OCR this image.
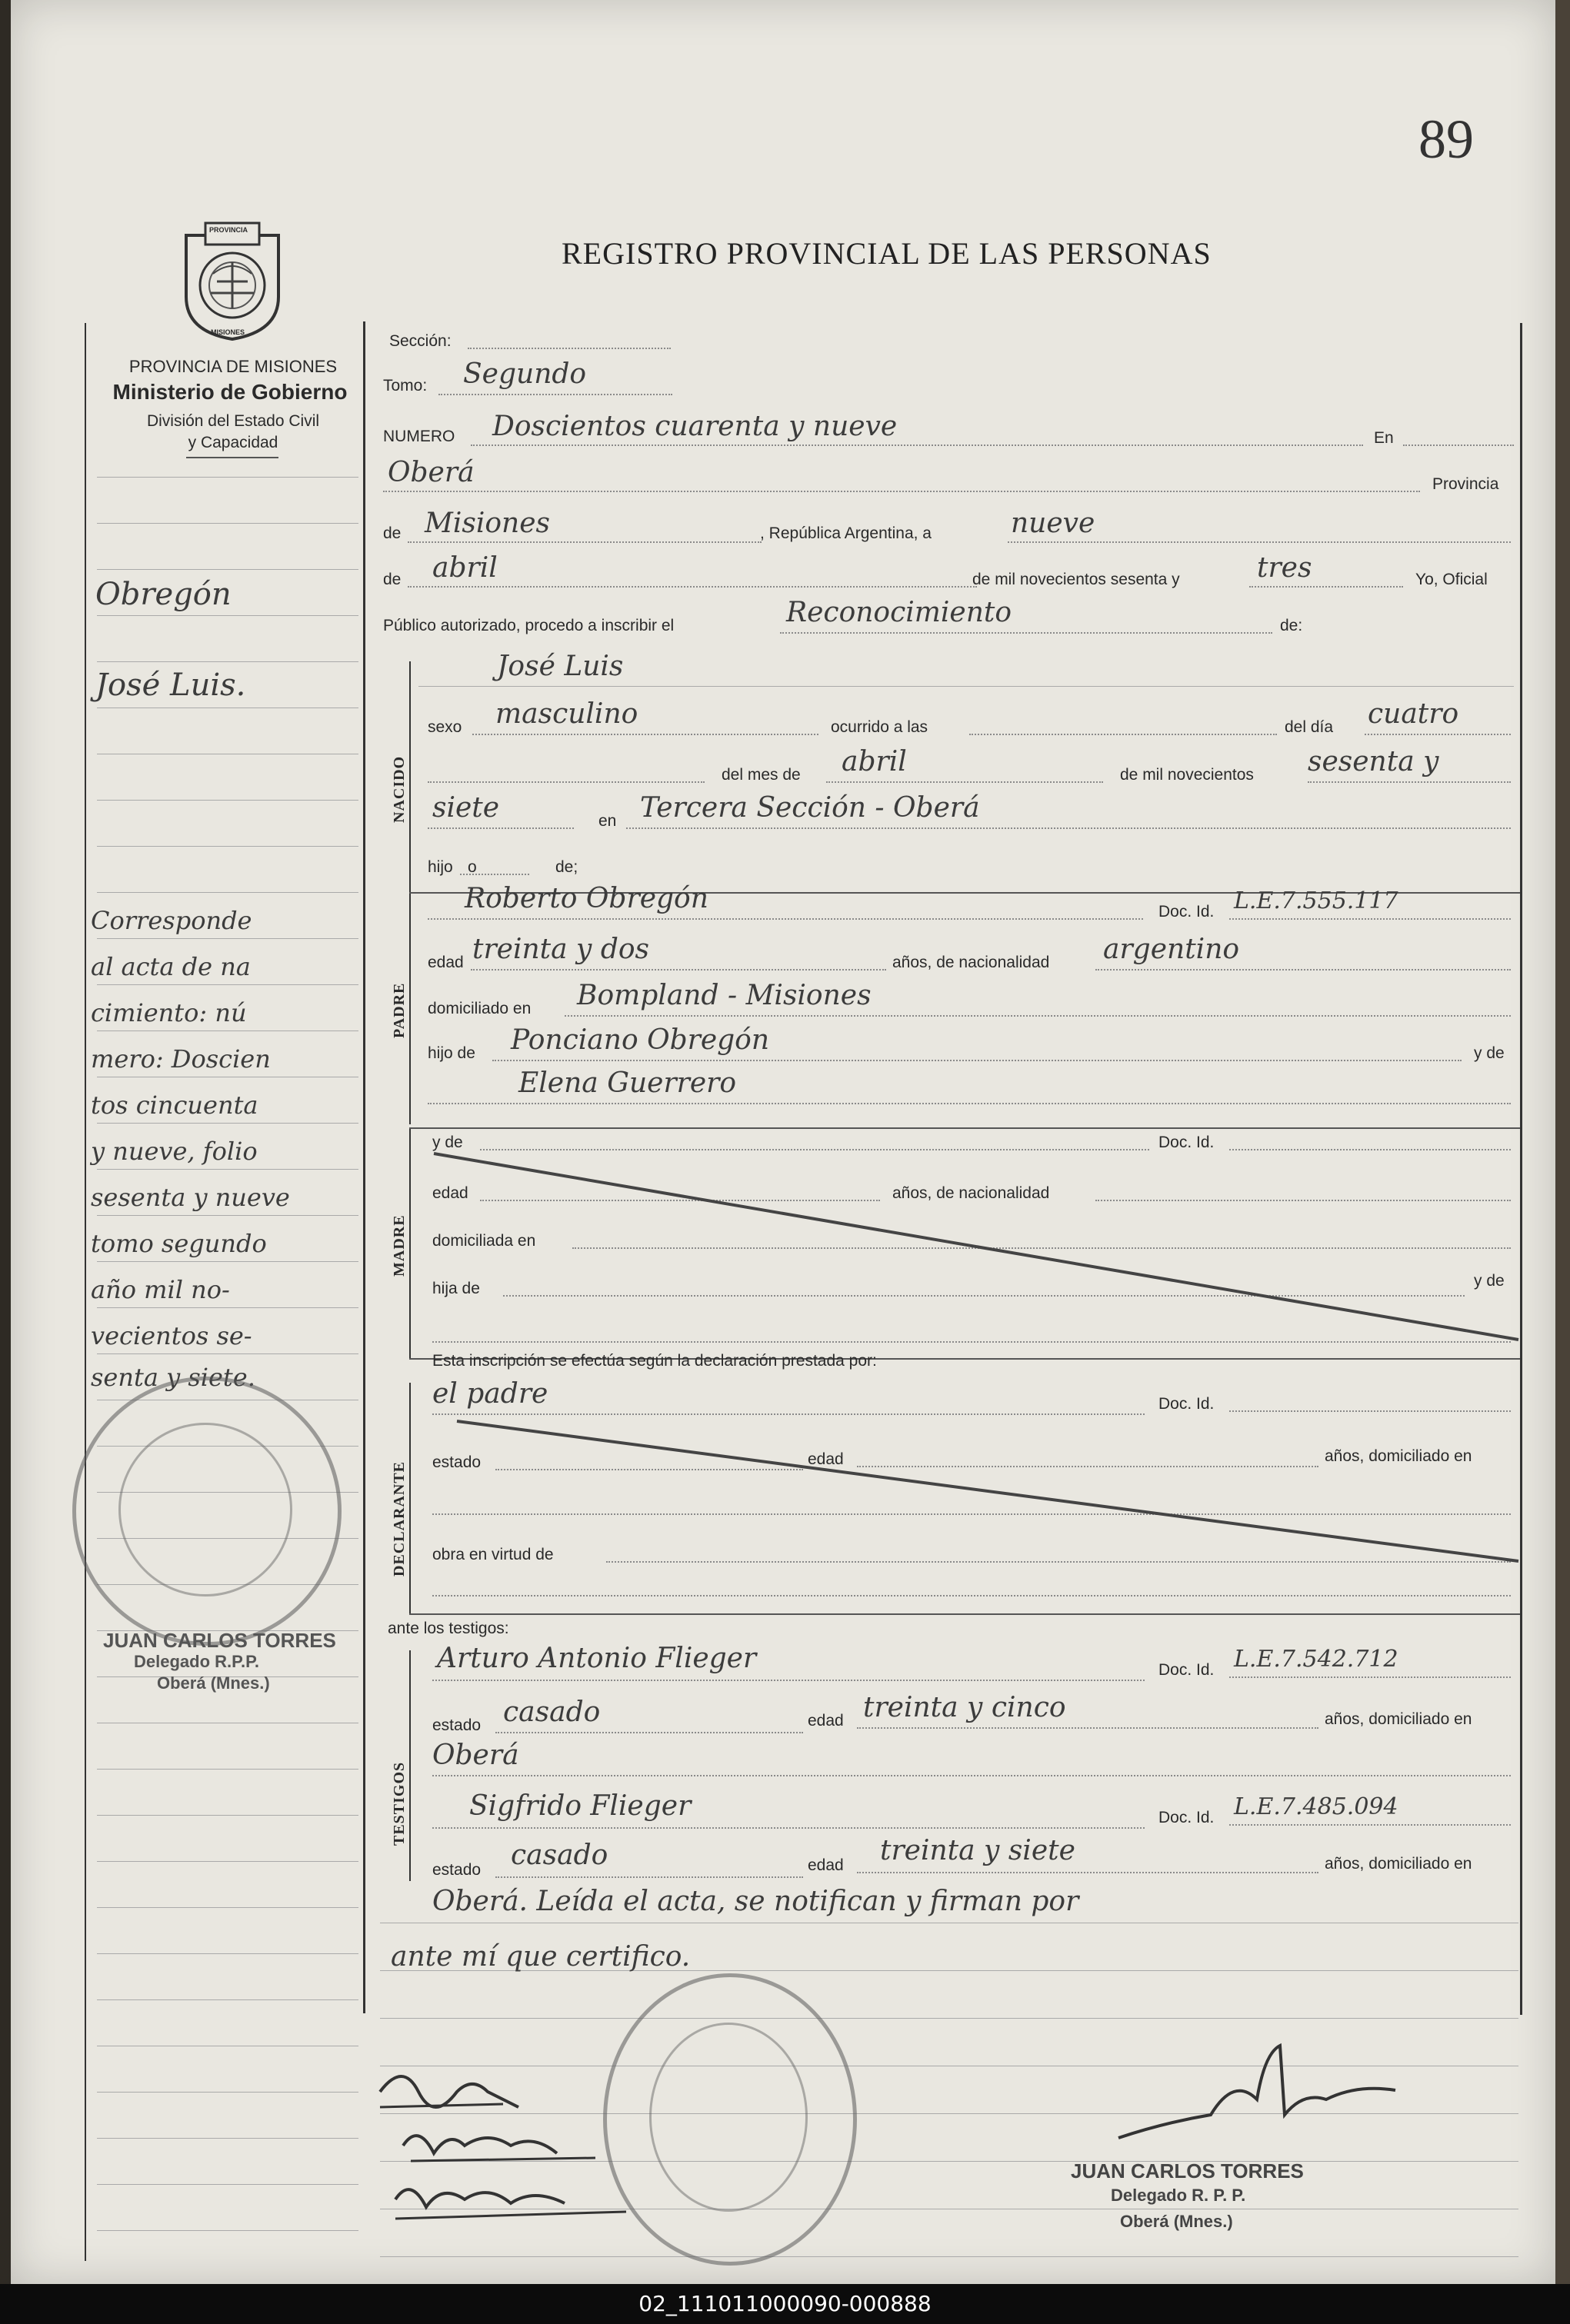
89
REGISTRO PROVINCIAL DE LAS PERSONAS
PROVINCIA
MISIONES
PROVINCIA DE MISIONES
Ministerio de Gobierno
División del Estado Civil
y Capacidad
Obregón
José Luis.
Corresponde
al acta de na
cimiento: nú
mero: Doscien
tos cincuenta
y nueve, folio
sesenta y nueve
tomo segundo
año mil no-
vecientos se-
senta y siete.
JUAN CARLOS TORRES
Delegado R.P.P.
Oberá (Mnes.)
Sección:
Tomo: Segundo
NUMERO Doscientos cuarenta y nueve	En
Oberá	Provincia
de Misiones	, República Argentina, a	nueve
de abril	de mil novecientos sesenta y	tres	Yo, Oficial
Público autorizado, procedo a inscribir el	Reconocimiento	de:
NACIDO
José Luis
sexo masculino	ocurrido a las	del día cuatro
del mes de abril	de mil novecientos sesenta y
siete	en Tercera Sección - Oberá
hijo o	de;
PADRE
Roberto Obregón	Doc. Id. L.E.7.555.117
edad treinta y dos	años, de nacionalidad argentino
domiciliado en Bompland - Misiones
hijo de Ponciano Obregón	y de
Elena Guerrero
MADRE
y de	Doc. Id.
edad	años, de nacionalidad
domiciliada en
hija de	y de
Esta inscripción se efectúa según la declaración prestada por:
DECLARANTE
el padre	Doc. Id.
estado	edad	años, domiciliado en
obra en virtud de
ante los testigos:
TESTIGOS
Arturo Antonio Flieger	Doc. Id. L.E.7.542.712
estado casado	edad treinta y cinco	años, domiciliado en
Oberá
Sigfrido Flieger	Doc. Id. L.E.7.485.094
estado casado	edad treinta y siete	años, domiciliado en
Oberá. Leída el acta, se notifican y firman por
ante mí que certifico.
JUAN CARLOS TORRES
Delegado R. P. P.
Oberá (Mnes.)
02_111011000090-000888
